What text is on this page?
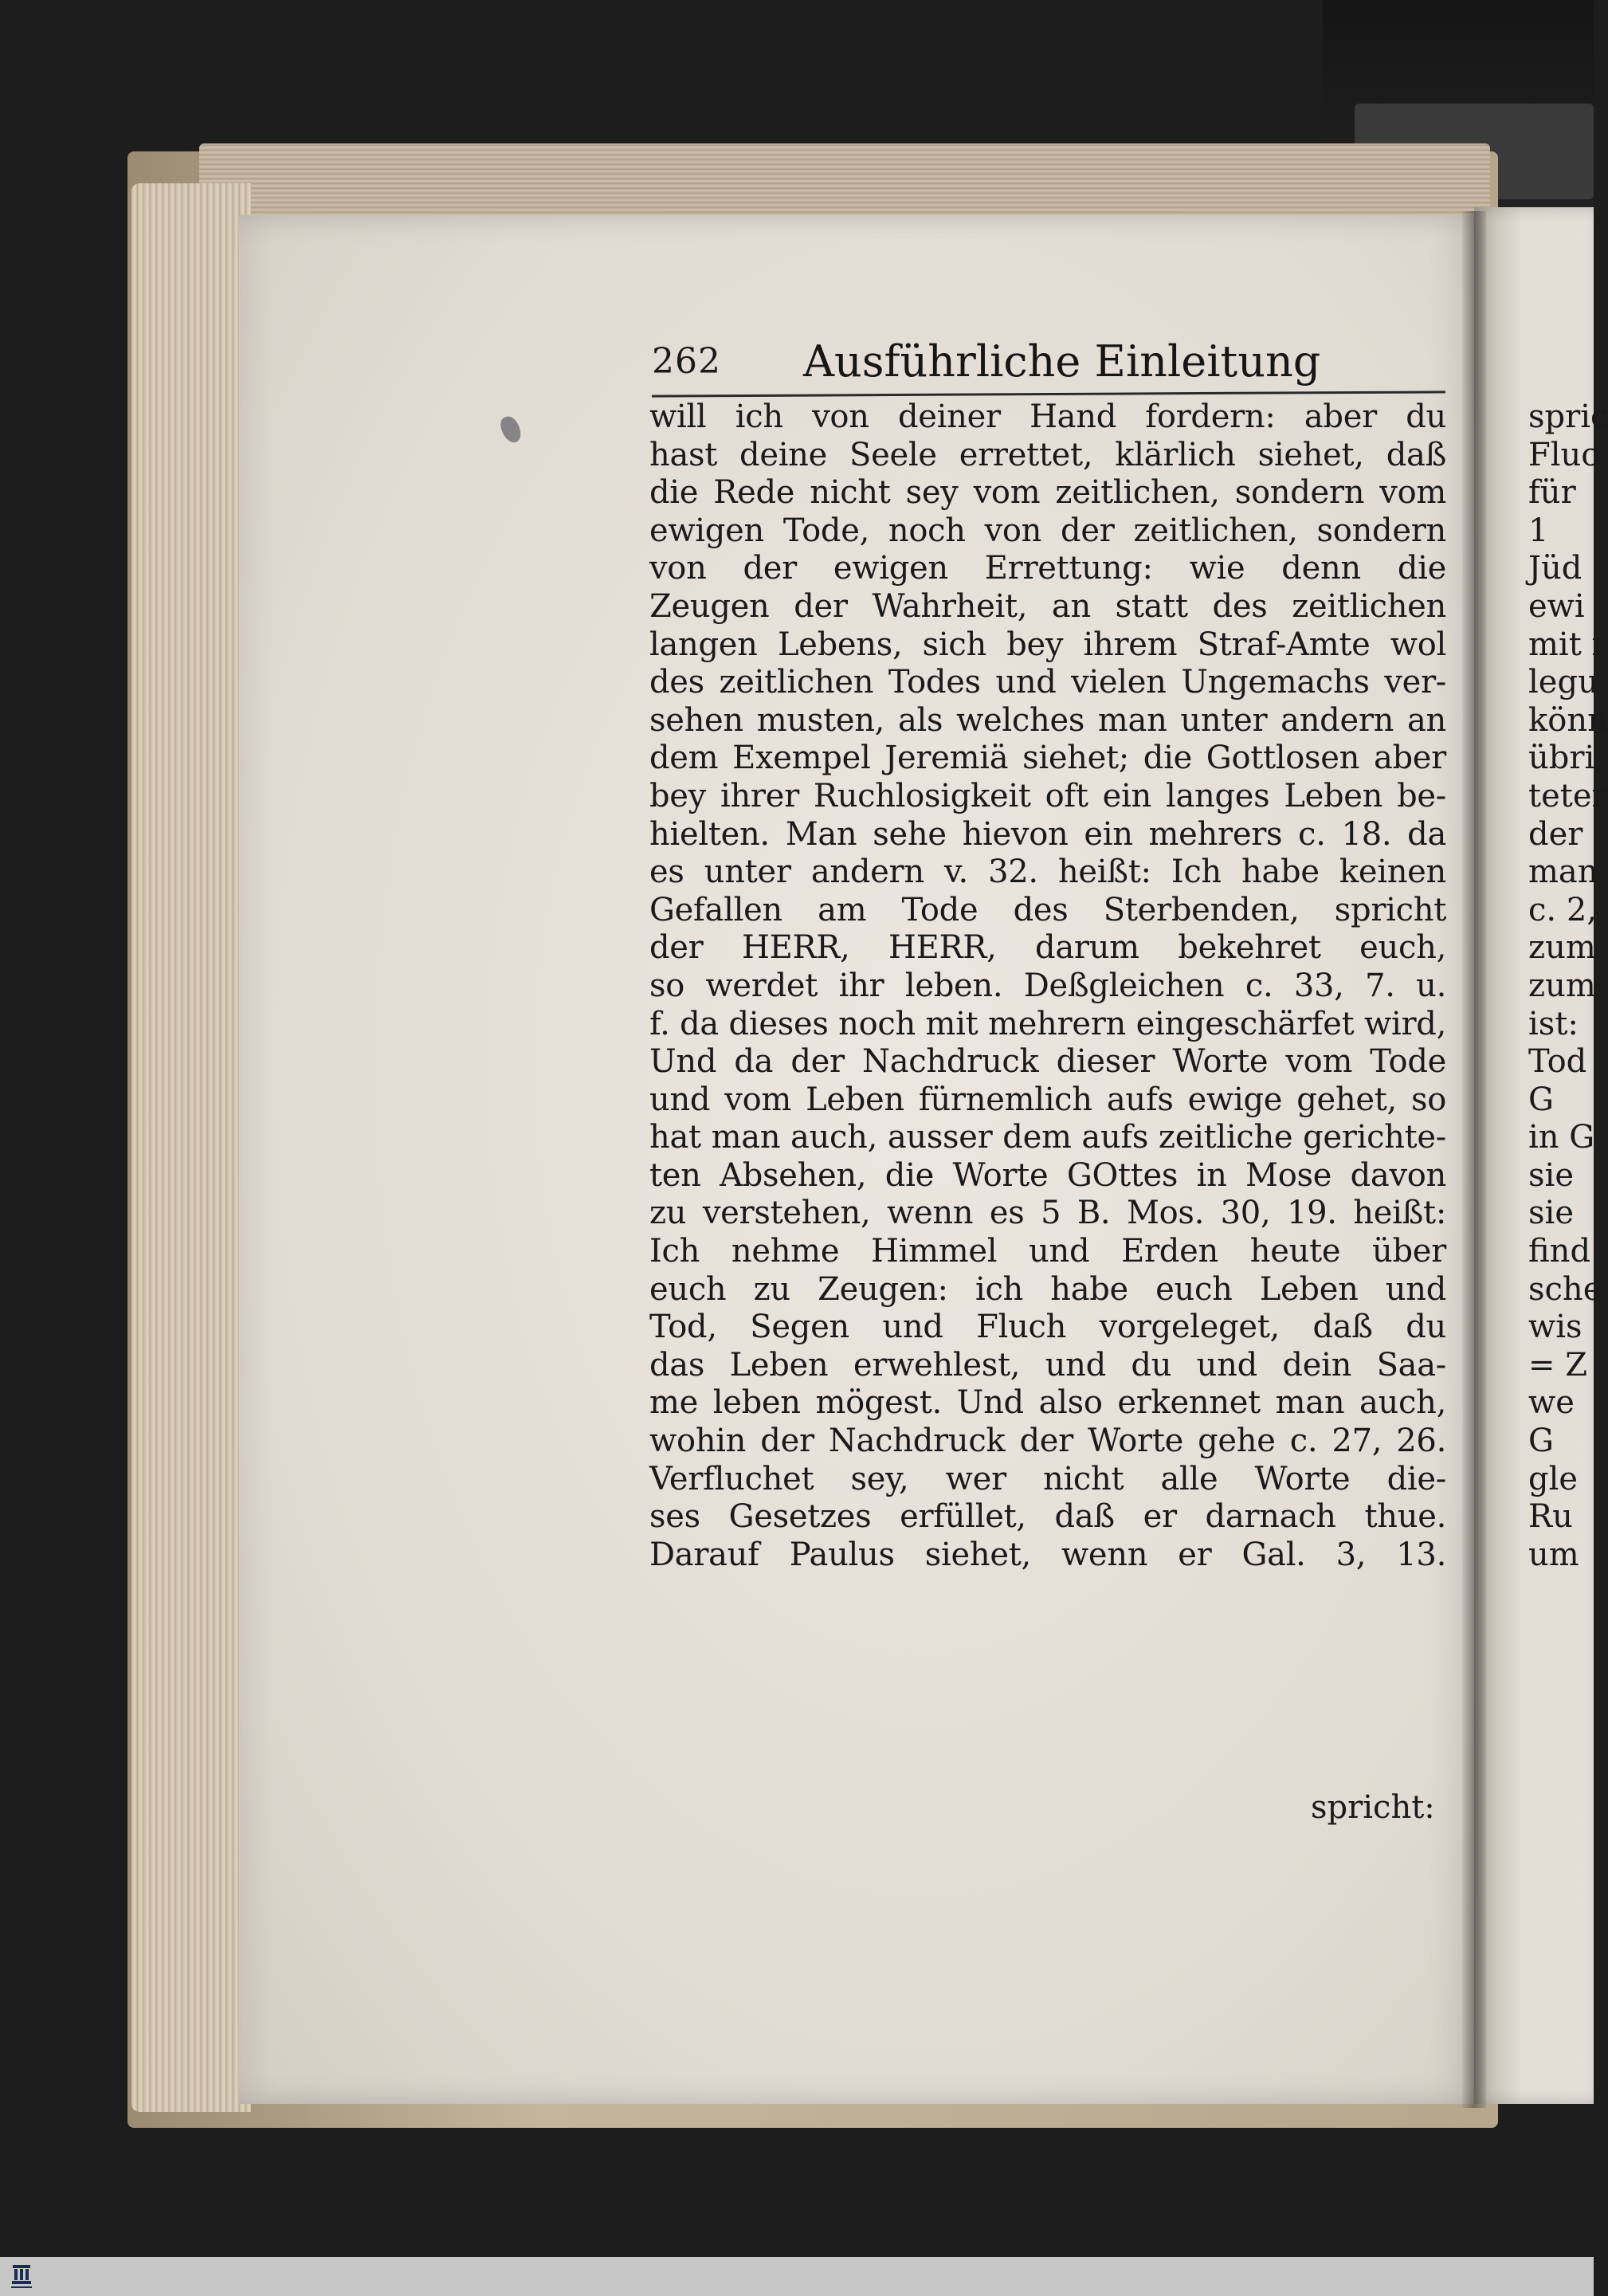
262 Ausführliche Einleitung
will ich von deiner Hand fordern: aber du
hast deine Seele errettet, klärlich siehet, daß
die Rede nicht sey vom zeitlichen, sondern vom
ewigen Tode, noch von der zeitlichen, sondern
von der ewigen Errettung: wie denn die
Zeugen der Wahrheit, an statt des zeitlichen
langen Lebens, sich bey ihrem Straf-Amte wol
des zeitlichen Todes und vielen Ungemachs ver-
sehen musten, als welches man unter andern an
dem Exempel Jeremiä siehet; die Gottlosen aber
bey ihrer Ruchlosigkeit oft ein langes Leben be-
hielten. Man sehe hievon ein mehrers c. 18. da
es unter andern v. 32. heißt: Ich habe keinen
Gefallen am Tode des Sterbenden, spricht
der HERR, HERR, darum bekehret euch,
so werdet ihr leben. Deßgleichen c. 33, 7. u.
f. da dieses noch mit mehrern eingeschärfet wird,
Und da der Nachdruck dieser Worte vom Tode
und vom Leben fürnemlich aufs ewige gehet, so
hat man auch, ausser dem aufs zeitliche gerichte-
ten Absehen, die Worte GOttes in Mose davon
zu verstehen, wenn es 5 B. Mos. 30, 19. heißt:
Ich nehme Himmel und Erden heute über
euch zu Zeugen: ich habe euch Leben und
Tod, Segen und Fluch vorgeleget, daß du
das Leben erwehlest, und du und dein Saa-
me leben mögest. Und also erkennet man auch,
wohin der Nachdruck der Worte gehe c. 27, 26.
Verfluchet sey, wer nicht alle Worte die-
ses Gesetzes erfüllet, daß er darnach thue.
Darauf Paulus siehet, wenn er Gal. 3, 13.
spricht:
spric
Fluc
für
1
Jüd
ewi
mit i
legu
könn
übri
teter
der
man
c. 2,
zum
zum
ist:
Tod
G
in G
sie
sie
find
sche
wis
= Z
we
G
gle
Ru
um
